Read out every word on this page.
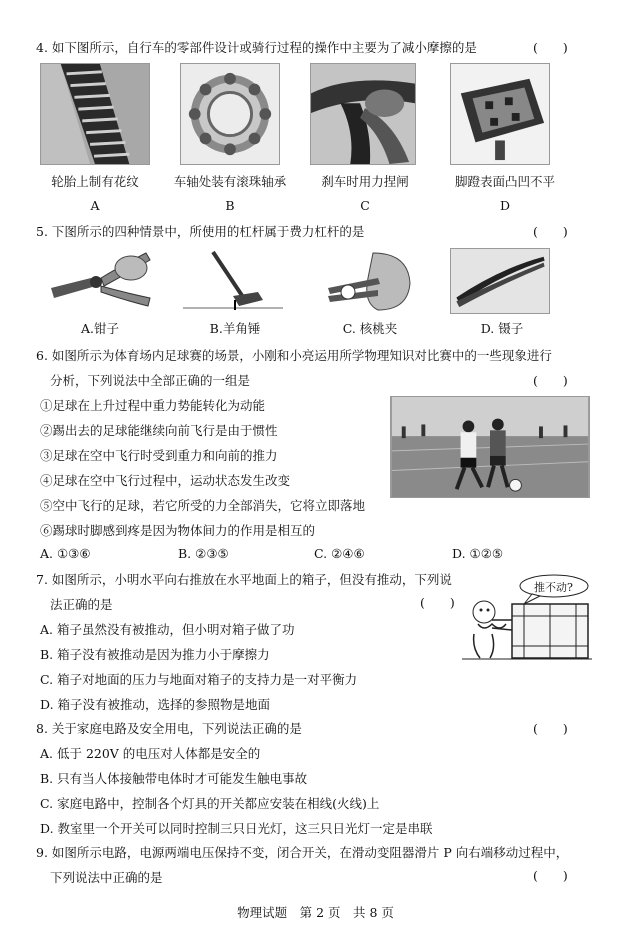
4. 如下图所示，自行车的零部件设计或骑行过程的操作中主要为了减小摩擦的是	(　　)
轮胎上制有花纹	车轴处装有滚珠轴承	刹车时用力捏闸	脚蹬表面凸凹不平
A	B	C	D
5. 下图所示的四种情景中，所使用的杠杆属于费力杠杆的是	(　　)
A.钳子	B.羊角锤	C. 核桃夹	D. 镊子
6. 如图所示为体育场内足球赛的场景，小刚和小亮运用所学物理知识对比赛中的一些现象进行
分析，下列说法中全部正确的一组是	(　　)
①足球在上升过程中重力势能转化为动能
②踢出去的足球能继续向前飞行是由于惯性
③足球在空中飞行时受到重力和向前的推力
④足球在空中飞行过程中，运动状态发生改变
⑤空中飞行的足球，若它所受的力全部消失，它将立即落地
⑥踢球时脚感到疼是因为物体间力的作用是相互的
A. ①③⑥	B. ②③⑤	C. ②④⑥	D. ①②⑤
7. 如图所示，小明水平向右推放在水平地面上的箱子，但没有推动，下列说
法正确的是	(　　)
A. 箱子虽然没有被推动，但小明对箱子做了功
B. 箱子没有被推动是因为推力小于摩擦力
C. 箱子对地面的压力与地面对箱子的支持力是一对平衡力
D. 箱子没有被推动，选择的参照物是地面
推不动?
8. 关于家庭电路及安全用电，下列说法正确的是	(　　)
A. 低于 220V 的电压对人体都是安全的
B. 只有当人体接触带电体时才可能发生触电事故
C. 家庭电路中，控制各个灯具的开关都应安装在相线(火线)上
D. 教室里一个开关可以同时控制三只日光灯，这三只日光灯一定是串联
9. 如图所示电路，电源两端电压保持不变，闭合开关，在滑动变阻器滑片 P 向右端移动过程中，
下列说法中正确的是	(　　)
物理试题　第 2 页　共 8 页
